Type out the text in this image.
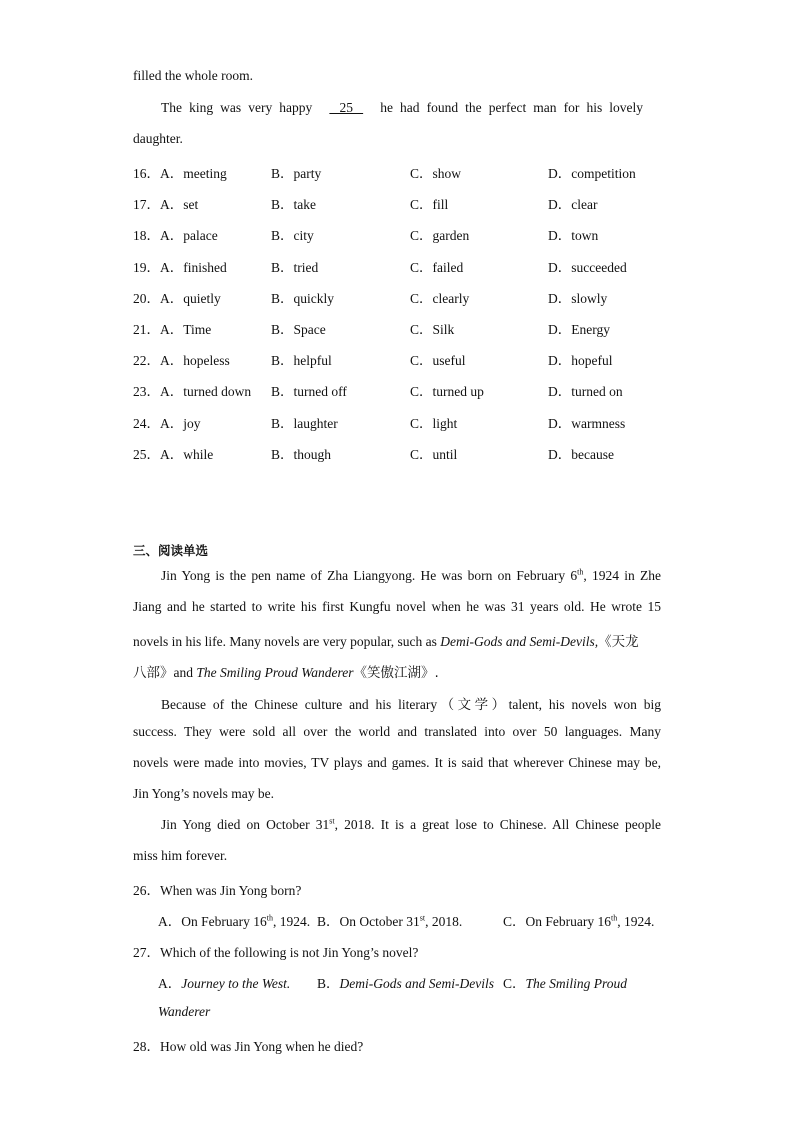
filled the whole room.
The king was very happy 25 he had found the perfect man for his lovely
daughter.
16．A．meeting	B．party	C．show	D．competition
17．A．set	B．take	C．fill	D．clear
18．A．palace	B．city	C．garden	D．town
19．A．finished	B．tried	C．failed	D．succeeded
20．A．quietly	B．quickly	C．clearly	D．slowly
21．A．Time	B．Space	C．Silk	D．Energy
22．A．hopeless	B．helpful	C．useful	D．hopeful
23．A．turned down B．turned off	C．turned up	D．turned on
24．A．joy	B．laughter	C．light	D．warmness
25．A．while	B．though	C．until	D．because
三、阅读单选
Jin Yong is the pen name of Zha Liangyong. He was born on February 6th, 1924 in Zhe
Jiang and he started to write his first Kungfu novel when he was 31 years old. He wrote 15
novels in his life. Many novels are very popular, such as Demi-Gods and Semi-Devils,《天龙
八部》and The Smiling Proud Wanderer《笑傲江湖》.
Because of the Chinese culture and his literary（文学）talent, his novels won big
success. They were sold all over the world and translated into over 50 languages. Many
novels were made into movies, TV plays and games. It is said that wherever Chinese may be,
Jin Yong’s novels may be.
Jin Yong died on October 31st, 2018. It is a great lose to Chinese. All Chinese people
miss him forever.
26．When was Jin Yong born?
A．On February 16th, 1924. B．On October 31st, 2018.	C．On February 16th, 1924.
27．Which of the following is not Jin Yong’s novel?
A．Journey to the West. B．Demi-Gods and Semi-Devils C．The Smiling Proud
Wanderer
28．How old was Jin Yong when he died?
